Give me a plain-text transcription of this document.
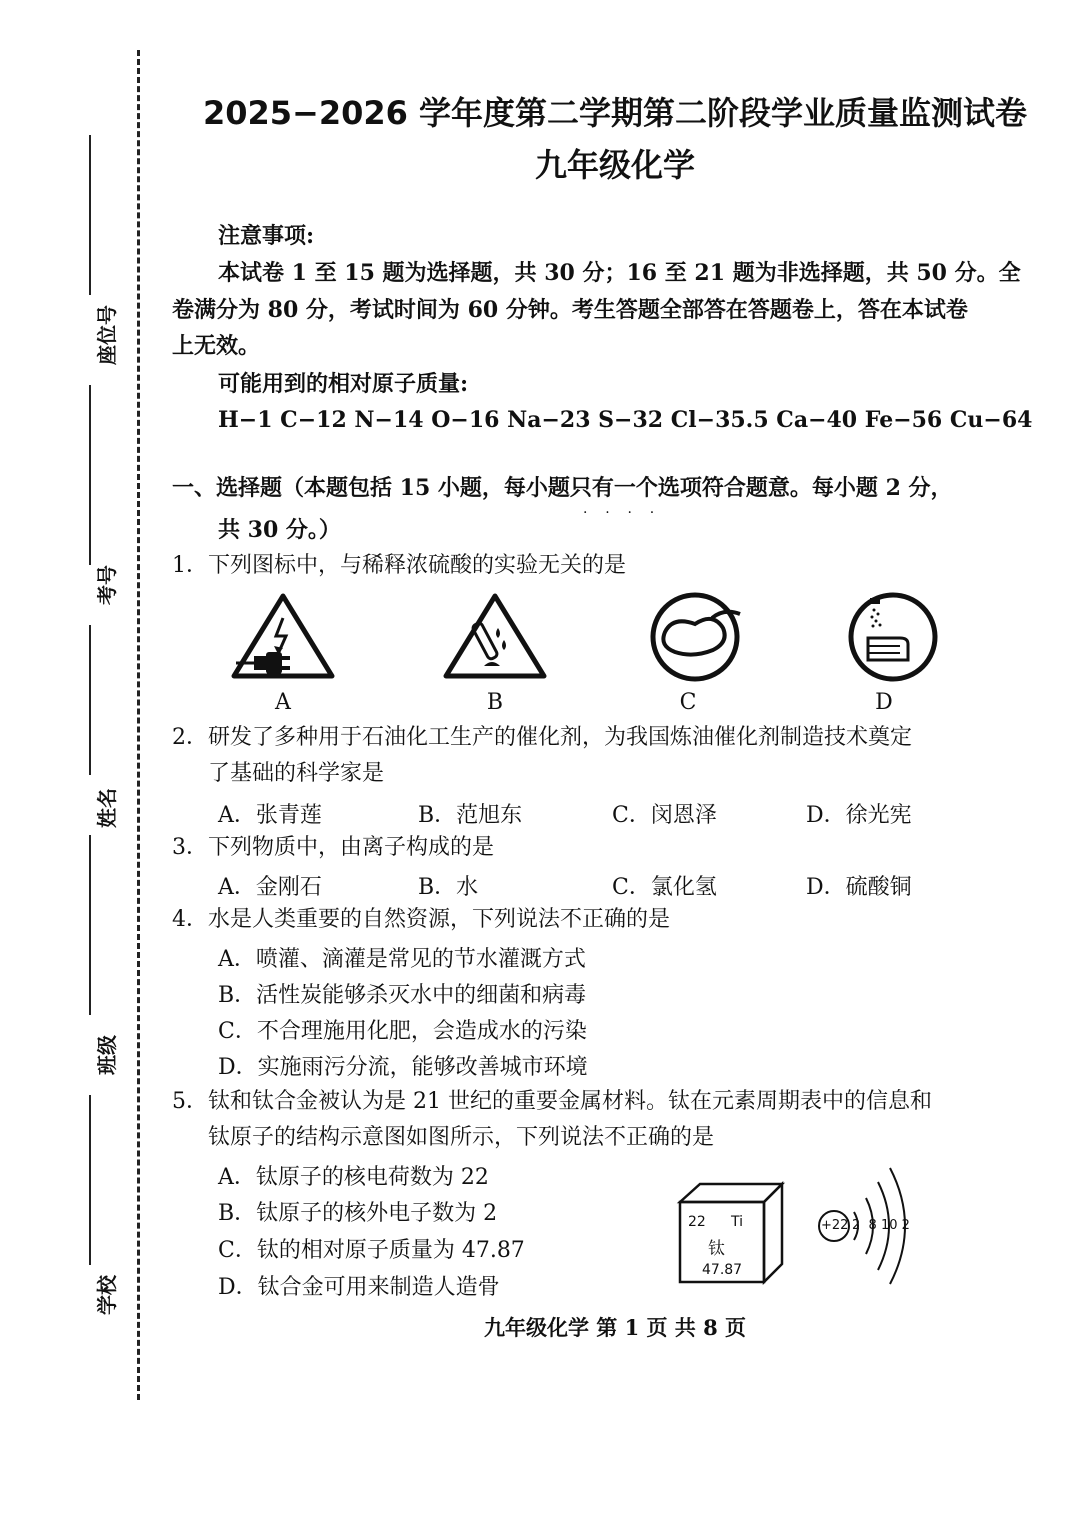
座位号
考号
姓名
班级
学校
2025−2026 学年度第二学期第二阶段学业质量监测试卷
九年级化学
注意事项:
本试卷 1 至 15 题为选择题，共 30 分；16 至 21 题为非选择题，共 50 分。全
卷满分为 80 分，考试时间为 60 分钟。考生答题全部答在答题卷上，答在本试卷
上无效。
可能用到的相对原子质量:
H−1 C−12 N−14 O−16 Na−23 S−32 Cl−35.5 Ca−40 Fe−56 Cu−64
一、选择题（本题包括 15 小题，每小题只有一个选项符合题意。每小题 2 分，
·    ·    ·    ·
共 30 分。）
1．下列图标中，与稀释浓硫酸的实验无关的是
A	B	C	D
2．研发了多种用于石油化工生产的催化剂，为我国炼油催化剂制造技术奠定
了基础的科学家是
A．张青莲	B．范旭东	C．闵恩泽	D．徐光宪
3．下列物质中，由离子构成的是
A．金刚石	B．水	C．氯化氢	D．硫酸铜
4．水是人类重要的自然资源，下列说法不正确的是
A．喷灌、滴灌是常见的节水灌溉方式
B．活性炭能够杀灭水中的细菌和病毒
C．不合理施用化肥，会造成水的污染
D．实施雨污分流，能够改善城市环境
5．钛和钛合金被认为是 21 世纪的重要金属材料。钛在元素周期表中的信息和
钛原子的结构示意图如图所示，下列说法不正确的是
A．钛原子的核电荷数为 22
B．钛原子的核外电子数为 2
C．钛的相对原子质量为 47.87
D．钛合金可用来制造人造骨
22 Ti
钛
47.87
+22 2  8 10 2
九年级化学 第 1 页 共 8 页
